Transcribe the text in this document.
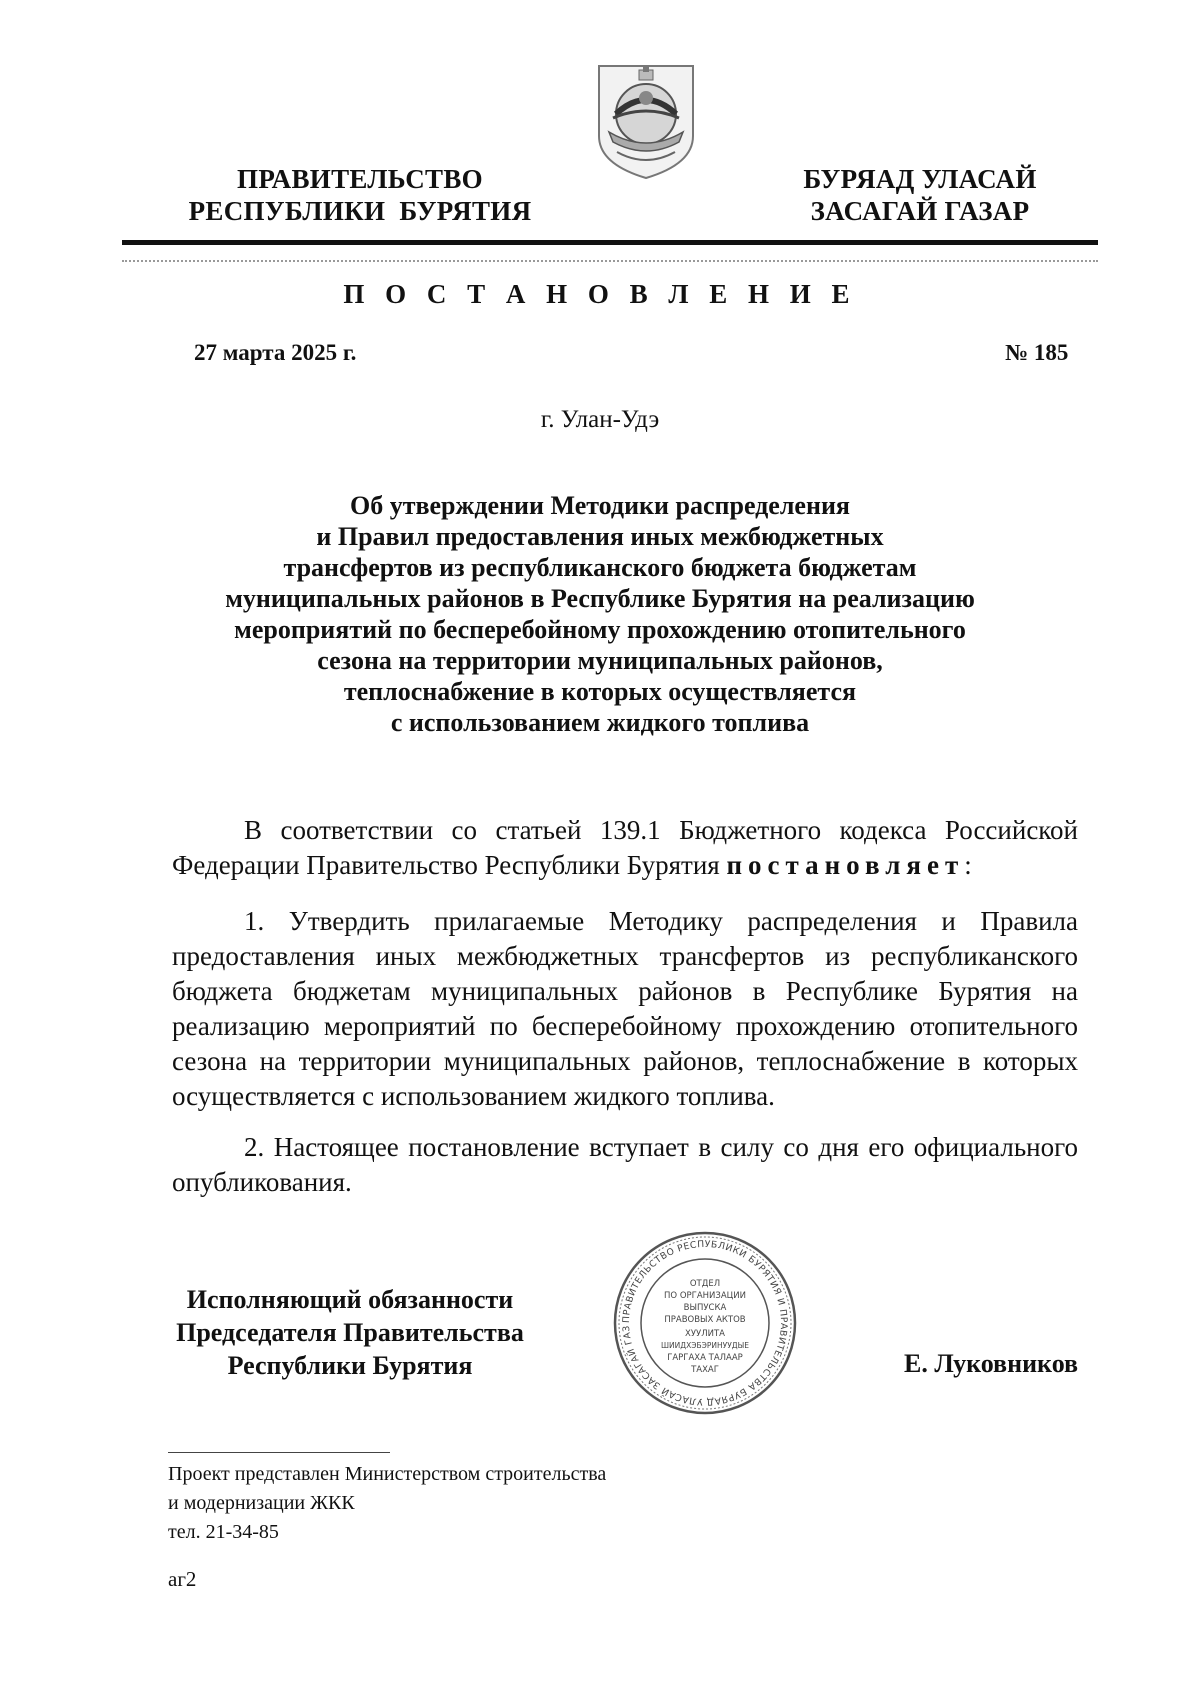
ПРАВИТЕЛЬСТВО
РЕСПУБЛИКИ  БУРЯТИЯ
БУРЯАД УЛАСАЙ
ЗАСАГАЙ ГАЗАР
П О С Т А Н О В Л Е Н И Е
27 марта 2025 г.	№ 185
г. Улан-Удэ
Об утверждении Методики распределения
и Правил предоставления иных межбюджетных
трансфертов из республиканского бюджета бюджетам
муниципальных районов в Республике Бурятия на реализацию
мероприятий по бесперебойному прохождению отопительного
сезона на территории муниципальных районов,
теплоснабжение в которых осуществляется
с использованием жидкого топлива
В соответствии со статьей 139.1 Бюджетного кодекса Российской Федерации Правительство Республики Бурятия постановляет:
1. Утвердить прилагаемые Методику распределения и Правила предоставления иных межбюджетных трансфертов из республиканского бюджета бюджетам муниципальных районов в Республике Бурятия на реализацию мероприятий по бесперебойному прохождению отопительного сезона на территории муниципальных районов, теплоснабжение в которых осуществляется с использованием жидкого топлива.
2. Настоящее постановление вступает в силу со дня его официального опубликования.
Исполняющий обязанности
Председателя Правительства
Республики Бурятия
ПРАВИТЕЛЬСТВО РЕСПУБЛИКИ БУРЯТИЯ И ПРАВИТЕЛЬСТВА БУРЯАД УЛАСАЙ ЗАСАГАЙ ГАЗ
ОТДЕЛ
ПО ОРГАНИЗАЦИИ
ВЫПУСКА
ПРАВОВЫХ АКТОВ
ХУУЛИТА
ШИИДХЭБЭРИНУУДЫЕ
ГАРГАХА ТАЛААР
ТАХАГ	Е. Луковников
Проект представлен Министерством строительства
и модернизации ЖКК
тел. 21-34-85
аг2
